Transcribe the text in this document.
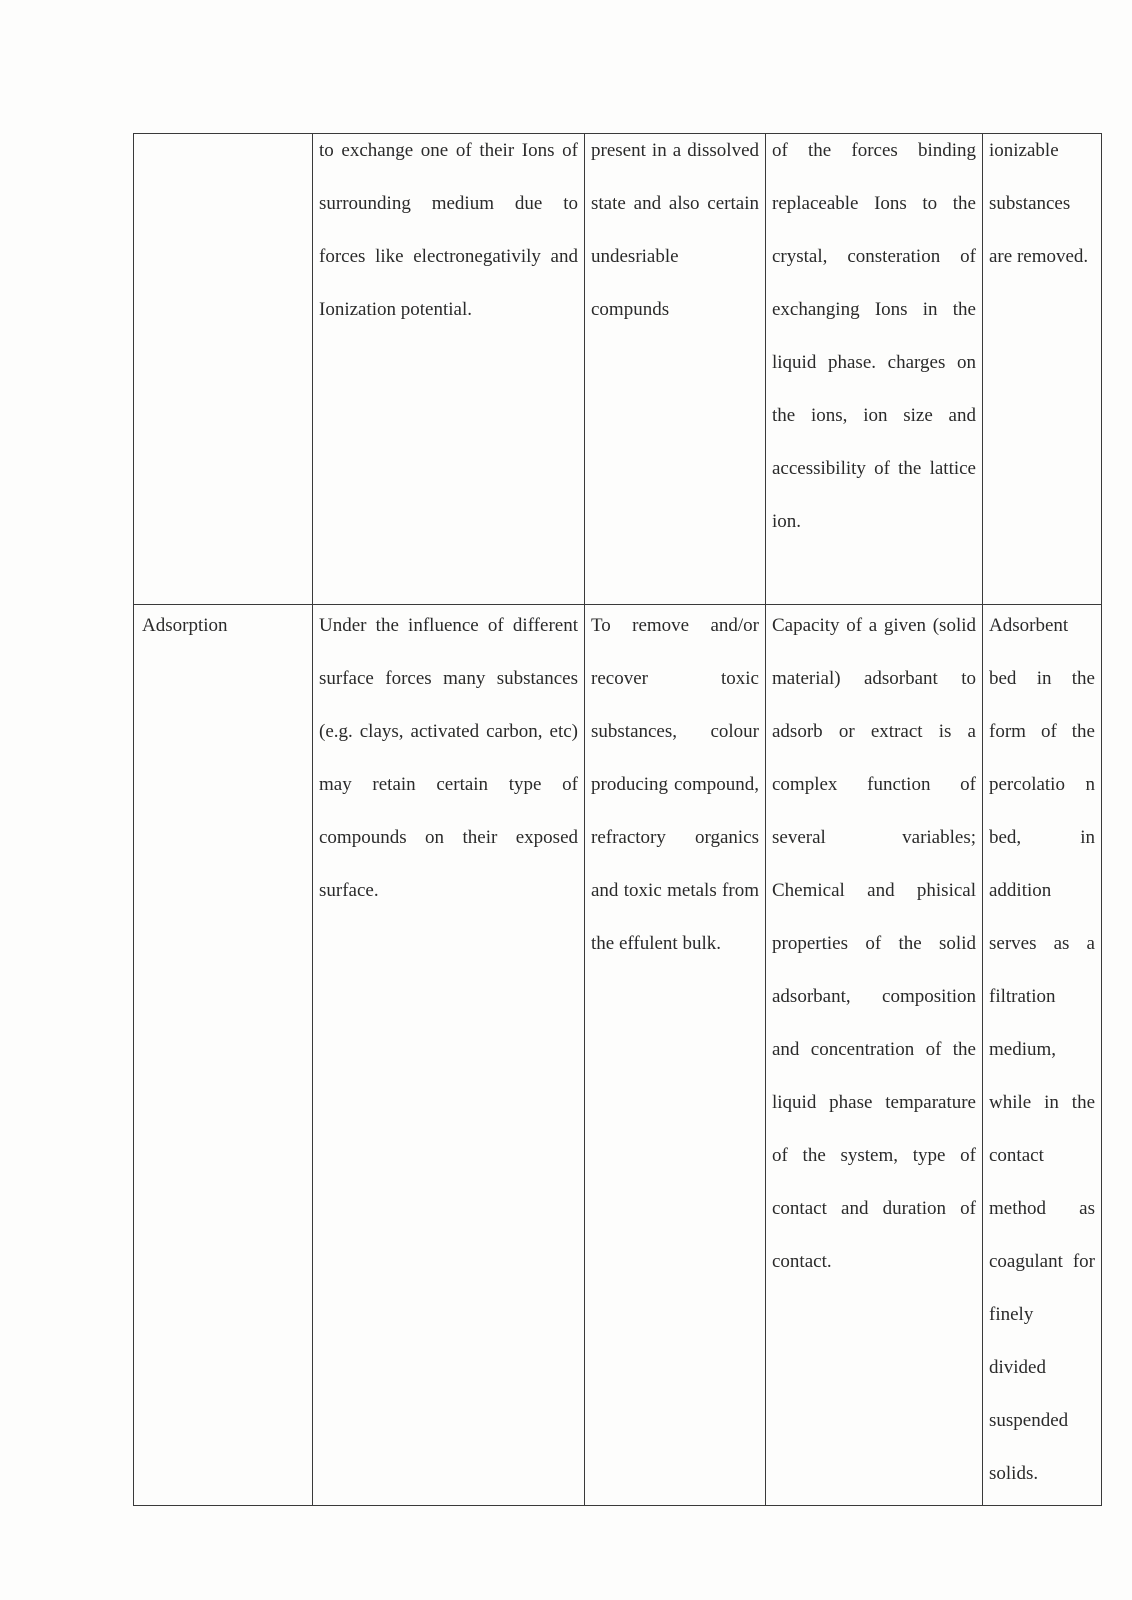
	to exchange one of their Ions of surrounding medium due to forces like electronegativily and Ionization potential.	present in a dissolved state and also certain undesriable compunds	of the forces binding replaceable Ions to the crystal, consteration of exchanging Ions in the liquid phase. charges on the ions, ion size and accessibility of the lattice ion.	ionizable substances are removed.

Adsorption	Under the influence of different surface forces many substances (e.g. clays, activated carbon, etc) may retain certain type of compounds on their exposed surface.	To remove and/or recover toxic substances, colour producing compound, refractory organics and toxic metals from the effulent bulk.	Capacity of a given (solid material) adsorbant to adsorb or extract is a complex function of several variables; Chemical and phisical properties of the solid adsorbant, composition and concentration of the liquid phase temparature of the system, type of contact and duration of contact.	Adsorbent bed in the form of the percolatio n bed, in addition serves as a filtration medium, while in the contact method as coagulant for finely divided suspended solids.
